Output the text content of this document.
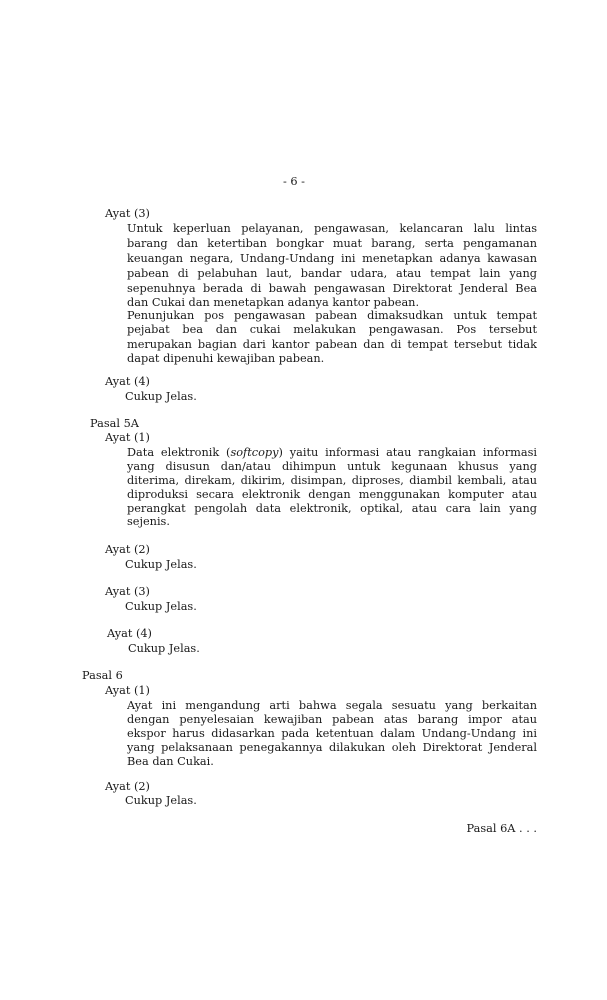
- 6 -
Ayat (3)
Untuk keperluan pelayanan, pengawasan, kelancaran lalu lintas
barang dan ketertiban bongkar muat barang, serta pengamanan
keuangan negara, Undang-Undang ini menetapkan adanya kawasan
pabean di pelabuhan laut, bandar udara, atau tempat lain yang
sepenuhnya berada di bawah pengawasan Direktorat Jenderal Bea
dan Cukai dan menetapkan adanya kantor pabean.
Penunjukan pos pengawasan pabean dimaksudkan untuk tempat
pejabat bea dan cukai melakukan pengawasan. Pos tersebut
merupakan bagian dari kantor pabean dan di tempat tersebut tidak
dapat dipenuhi kewajiban pabean.
Ayat (4)
Cukup Jelas.
Pasal 5A
Ayat (1)
Data elektronik (softcopy) yaitu informasi atau rangkaian informasi
yang disusun dan/atau dihimpun untuk kegunaan khusus yang
diterima, direkam, dikirim, disimpan, diproses, diambil kembali, atau
diproduksi secara elektronik dengan menggunakan komputer atau
perangkat pengolah data elektronik, optikal, atau cara lain yang
sejenis.
Ayat (2)
Cukup Jelas.
Ayat (3)
Cukup Jelas.
Ayat (4)
Cukup Jelas.
Pasal 6
Ayat (1)
Ayat ini mengandung arti bahwa segala sesuatu yang berkaitan
dengan penyelesaian kewajiban pabean atas barang impor atau
ekspor harus didasarkan pada ketentuan dalam Undang-Undang ini
yang pelaksanaan penegakannya dilakukan oleh Direktorat Jenderal
Bea dan Cukai.
Ayat (2)
Cukup Jelas.
Pasal 6A . . .
